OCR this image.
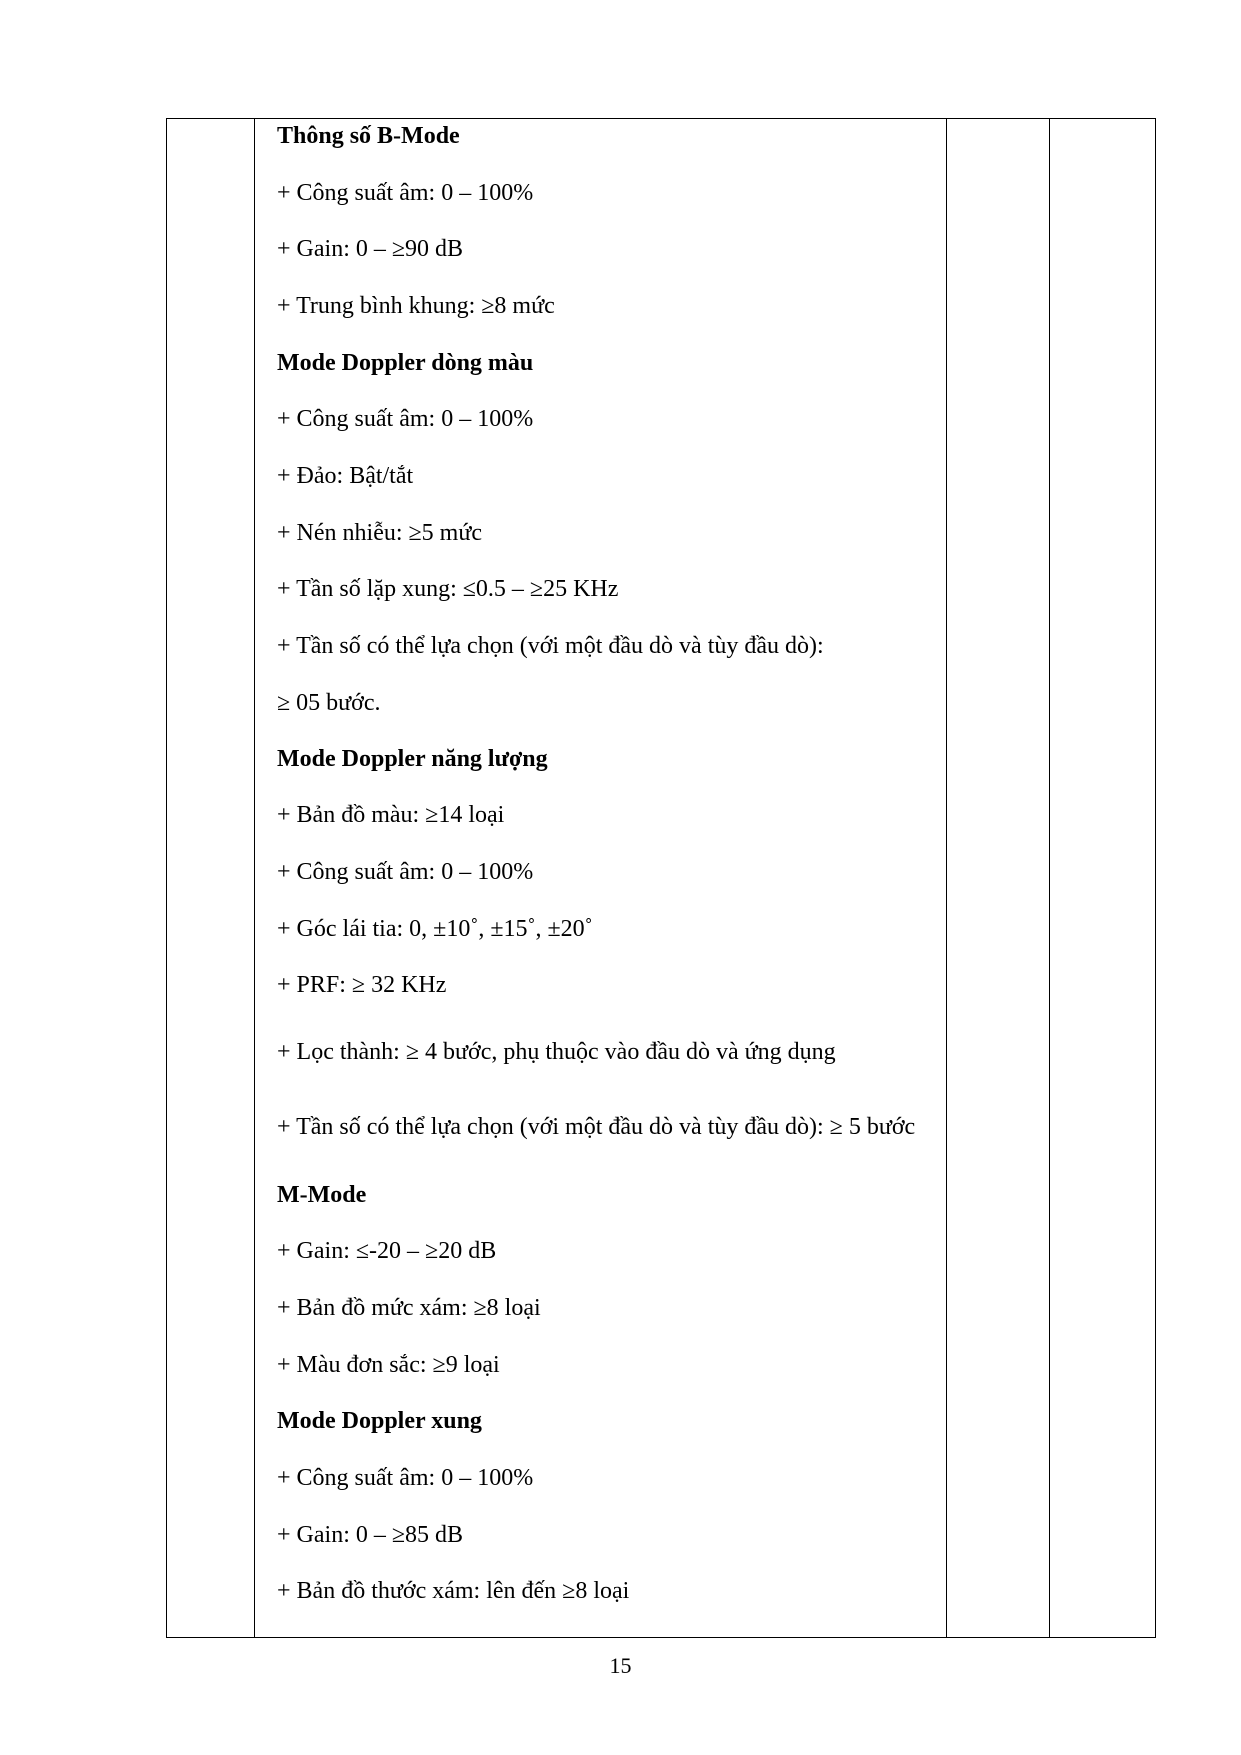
Thông số B-Mode

+ Công suất âm: 0 – 100%

+ Gain: 0 – ≥90 dB

+ Trung bình khung: ≥8 mức

Mode Doppler dòng màu

+ Công suất âm: 0 – 100%

+ Đảo: Bật/tắt

+ Nén nhiễu: ≥5 mức

+ Tần số lặp xung: ≤0.5 – ≥25 KHz

+ Tần số có thể lựa chọn (với một đầu dò và tùy đầu dò):

≥ 05 bước.

Mode Doppler năng lượng

+ Bản đồ màu: ≥14 loại

+ Công suất âm: 0 – 100%

+ Góc lái tia: 0, ±10˚, ±15˚, ±20˚

+ PRF: ≥ 32 KHz

+ Lọc thành: ≥ 4 bước, phụ thuộc vào đầu dò và ứng dụng

+ Tần số có thể lựa chọn (với một đầu dò và tùy đầu dò): ≥ 5 bước

M-Mode

+ Gain: ≤-20 – ≥20 dB

+ Bản đồ mức xám: ≥8 loại

+ Màu đơn sắc: ≥9 loại

Mode Doppler xung

+ Công suất âm: 0 – 100%

+ Gain: 0 – ≥85 dB

+ Bản đồ thước xám: lên đến ≥8 loại

15
